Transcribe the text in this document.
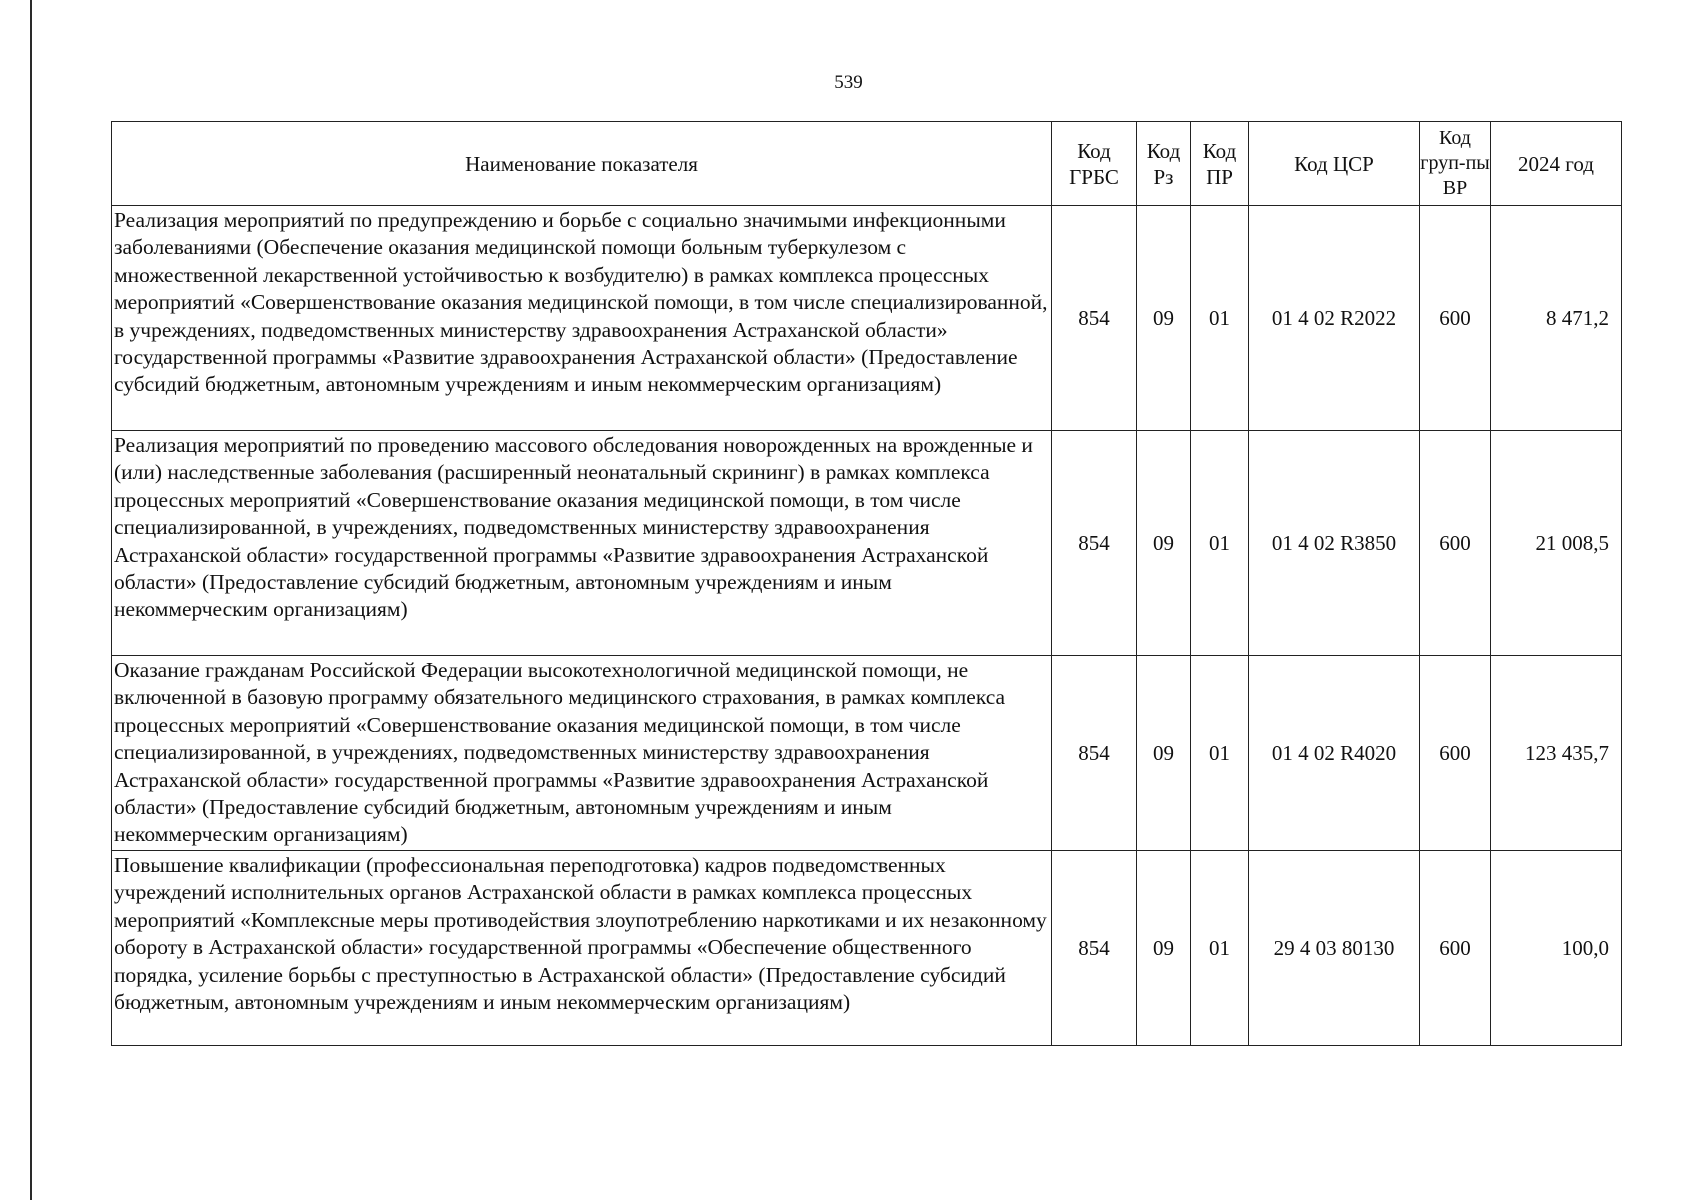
539
Наименование показателя	Код ГРБС	Код Рз	Код ПР	Код ЦСР	Код груп-пы ВР	2024 год
Реализация мероприятий по предупреждению и борьбе с социально значимыми инфекционными заболеваниями (Обеспечение оказания медицинской помощи больным туберкулезом с множественной лекарственной устойчивостью к возбудителю) в рамках комплекса процессных мероприятий «Совершенствование оказания медицинской помощи, в том числе специализированной, в учреждениях, подведомственных министерству здравоохранения Астраханской области» государственной программы «Развитие здравоохранения Астраханской области» (Предоставление субсидий бюджетным, автономным учреждениям и иным некоммерческим организациям)	854	09	01	01 4 02 R2022	600	8 471,2
Реализация мероприятий по проведению массового обследования новорожденных на врожденные и (или) наследственные заболевания (расширенный неонатальный скрининг) в рамках комплекса процессных мероприятий «Совершенствование оказания медицинской помощи, в том числе специализированной, в учреждениях, подведомственных министерству здравоохранения Астраханской области» государственной программы «Развитие здравоохранения Астраханской области» (Предоставление субсидий бюджетным, автономным учреждениям и иным некоммерческим организациям)	854	09	01	01 4 02 R3850	600	21 008,5
Оказание гражданам Российской Федерации высокотехнологичной медицинской помощи, не включенной в базовую программу обязательного медицинского страхования, в рамках комплекса процессных мероприятий «Совершенствование оказания медицинской помощи, в том числе специализированной, в учреждениях, подведомственных министерству здравоохранения Астраханской области» государственной программы «Развитие здравоохранения Астраханской области» (Предоставление субсидий бюджетным, автономным учреждениям и иным некоммерческим организациям)	854	09	01	01 4 02 R4020	600	123 435,7
Повышение квалификации (профессиональная переподготовка) кадров подведомственных учреждений исполнительных органов Астраханской области в рамках комплекса процессных мероприятий «Комплексные меры противодействия злоупотреблению наркотиками и их незаконному обороту в Астраханской области» государственной программы «Обеспечение общественного порядка, усиление борьбы с преступностью в Астраханской области» (Предоставление субсидий бюджетным, автономным учреждениям и иным некоммерческим организациям)	854	09	01	29 4 03 80130	600	100,0
